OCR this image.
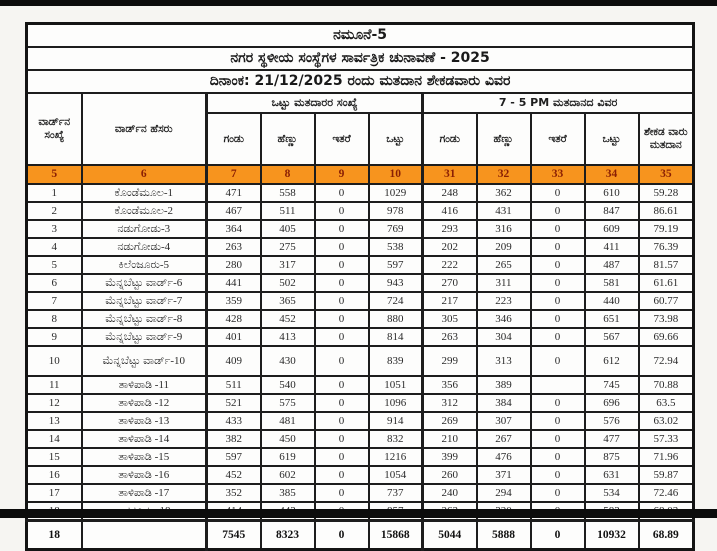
ನಮೂನೆ-5										
ನಗರ ಸ್ಥಳೀಯ ಸಂಸ್ಥೆಗಳ ಸಾರ್ವತ್ರಿಕ ಚುನಾವಣೆ - 2025										
ದಿನಾಂಕ: 21/12/2025 ರಂದು ಮತದಾನ ಶೇಕಡವಾರು ವಿವರ										
ವಾರ್ಡ್‌ನ ಸಂಖ್ಯೆ	ವಾರ್ಡ್‌ನ ಹೆಸರು	ಒಟ್ಟು ಮತದಾರರ ಸಂಖ್ಯೆ				7 - 5 PM ಮತದಾನದ ವಿವರ				
		ಗಂಡು	ಹೆಣ್ಣು	ಇತರೆ	ಒಟ್ಟು	ಗಂಡು	ಹೆಣ್ಣು	ಇತರೆ	ಒಟ್ಟು	ಶೇಕಡ ವಾರು ಮತದಾನ
5	6	7	8	9	10	31	32	33	34	35
1	ಕೊಂಡೆಮೂಲ-1	471	558	0	1029	248	362	0	610	59.28
2	ಕೊಂಡೆಮೂಲ-2	467	511	0	978	416	431	0	847	86.61
3	ನಡುಗೋಡು-3	364	405	0	769	293	316	0	609	79.19
4	ನಡುಗೋಡು-4	263	275	0	538	202	209	0	411	76.39
5	ಕಿಲೆಂಜೂರು-5	280	317	0	597	222	265	0	487	81.57
6	ಮೆನ್ನಬೆಟ್ಟು ವಾರ್ಡ್-6	441	502	0	943	270	311	0	581	61.61
7	ಮೆನ್ನಬೆಟ್ಟು ವಾರ್ಡ್-7	359	365	0	724	217	223	0	440	60.77
8	ಮೆನ್ನಬೆಟ್ಟು ವಾರ್ಡ್-8	428	452	0	880	305	346	0	651	73.98
9	ಮೆನ್ನಬೆಟ್ಟು ವಾರ್ಡ್-9	401	413	0	814	263	304	0	567	69.66
10	ಮೆನ್ನಬೆಟ್ಟು ವಾರ್ಡ್-10	409	430	0	839	299	313	0	612	72.94
11	ತಾಳಿಪಾಡಿ -11	511	540	0	1051	356	389		745	70.88
12	ತಾಳಿಪಾಡಿ -12	521	575	0	1096	312	384	0	696	63.5
13	ತಾಳಿಪಾಡಿ -13	433	481	0	914	269	307	0	576	63.02
14	ತಾಳಿಪಾಡಿ -14	382	450	0	832	210	267	0	477	57.33
15	ತಾಳಿಪಾಡಿ -15	597	619	0	1216	399	476	0	875	71.96
16	ತಾಳಿಪಾಡಿ -16	452	602	0	1054	260	371	0	631	59.87
17	ತಾಳಿಪಾಡಿ -17	352	385	0	737	240	294	0	534	72.46

18		7545	8323	0	15868	5044	5888	0	10932	68.89
